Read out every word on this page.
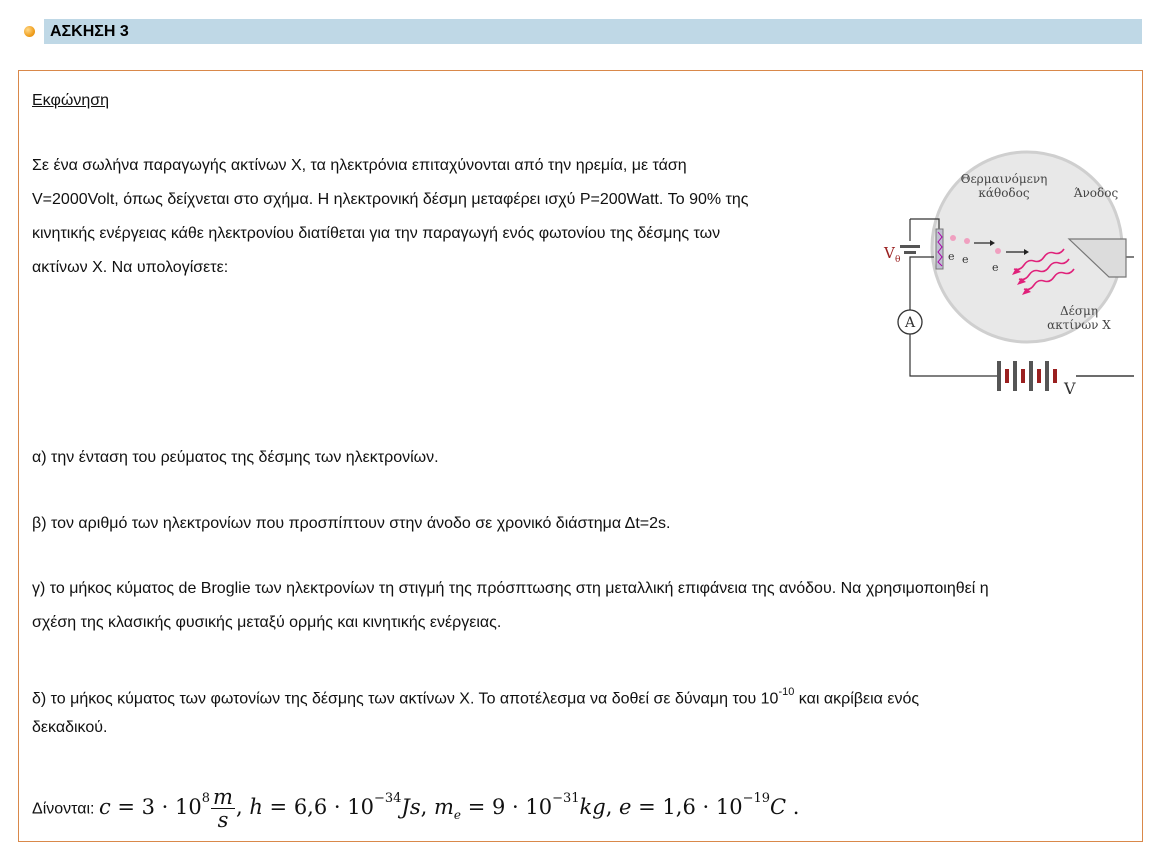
ΑΣΚΗΣΗ 3
Εκφώνηση
Σε ένα σωλήνα παραγωγής ακτίνων Χ, τα ηλεκτρόνια επιταχύνονται από την ηρεμία, με τάση
V=2000Volt, όπως δείχνεται στο σχήμα. Η ηλεκτρονική δέσμη μεταφέρει ισχύ P=200Watt. Το 90% της
κινητικής ενέργειας κάθε ηλεκτρονίου διατίθεται για την παραγωγή ενός φωτονίου της δέσμης των
ακτίνων Χ. Να υπολογίσετε:
e e
e
Θερμαινόμενη
κάθοδος	Άνοδος
Δέσμη
ακτίνων Χ
V θ
A
V
α) την ένταση του ρεύματος της δέσμης των ηλεκτρονίων.
β) τον αριθμό των ηλεκτρονίων που προσπίπτουν στην άνοδο σε χρονικό διάστημα Δt=2s.
γ) το μήκος κύματος de Broglie των ηλεκτρονίων τη στιγμή της πρόσπτωσης στη μεταλλική επιφάνεια της ανόδου. Να χρησιμοποιηθεί η
σχέση της κλασικής φυσικής μεταξύ ορμής και κινητικής ενέργειας.
δ) το μήκος κύματος των φωτονίων της δέσμης των ακτίνων Χ. Το αποτέλεσμα να δοθεί σε δύναμη του $10^{-10}$ και ακρίβεια ενός
δεκαδικού.
Δίνονται: $c = 3 \cdot 10^8 \frac{m}{s}$ , $h = 6,6 \cdot 10^{-34}Js$, $m_e = 9 \cdot 10^{-31}kg$, $e = 1,6 \cdot 10^{-19}C$ .
